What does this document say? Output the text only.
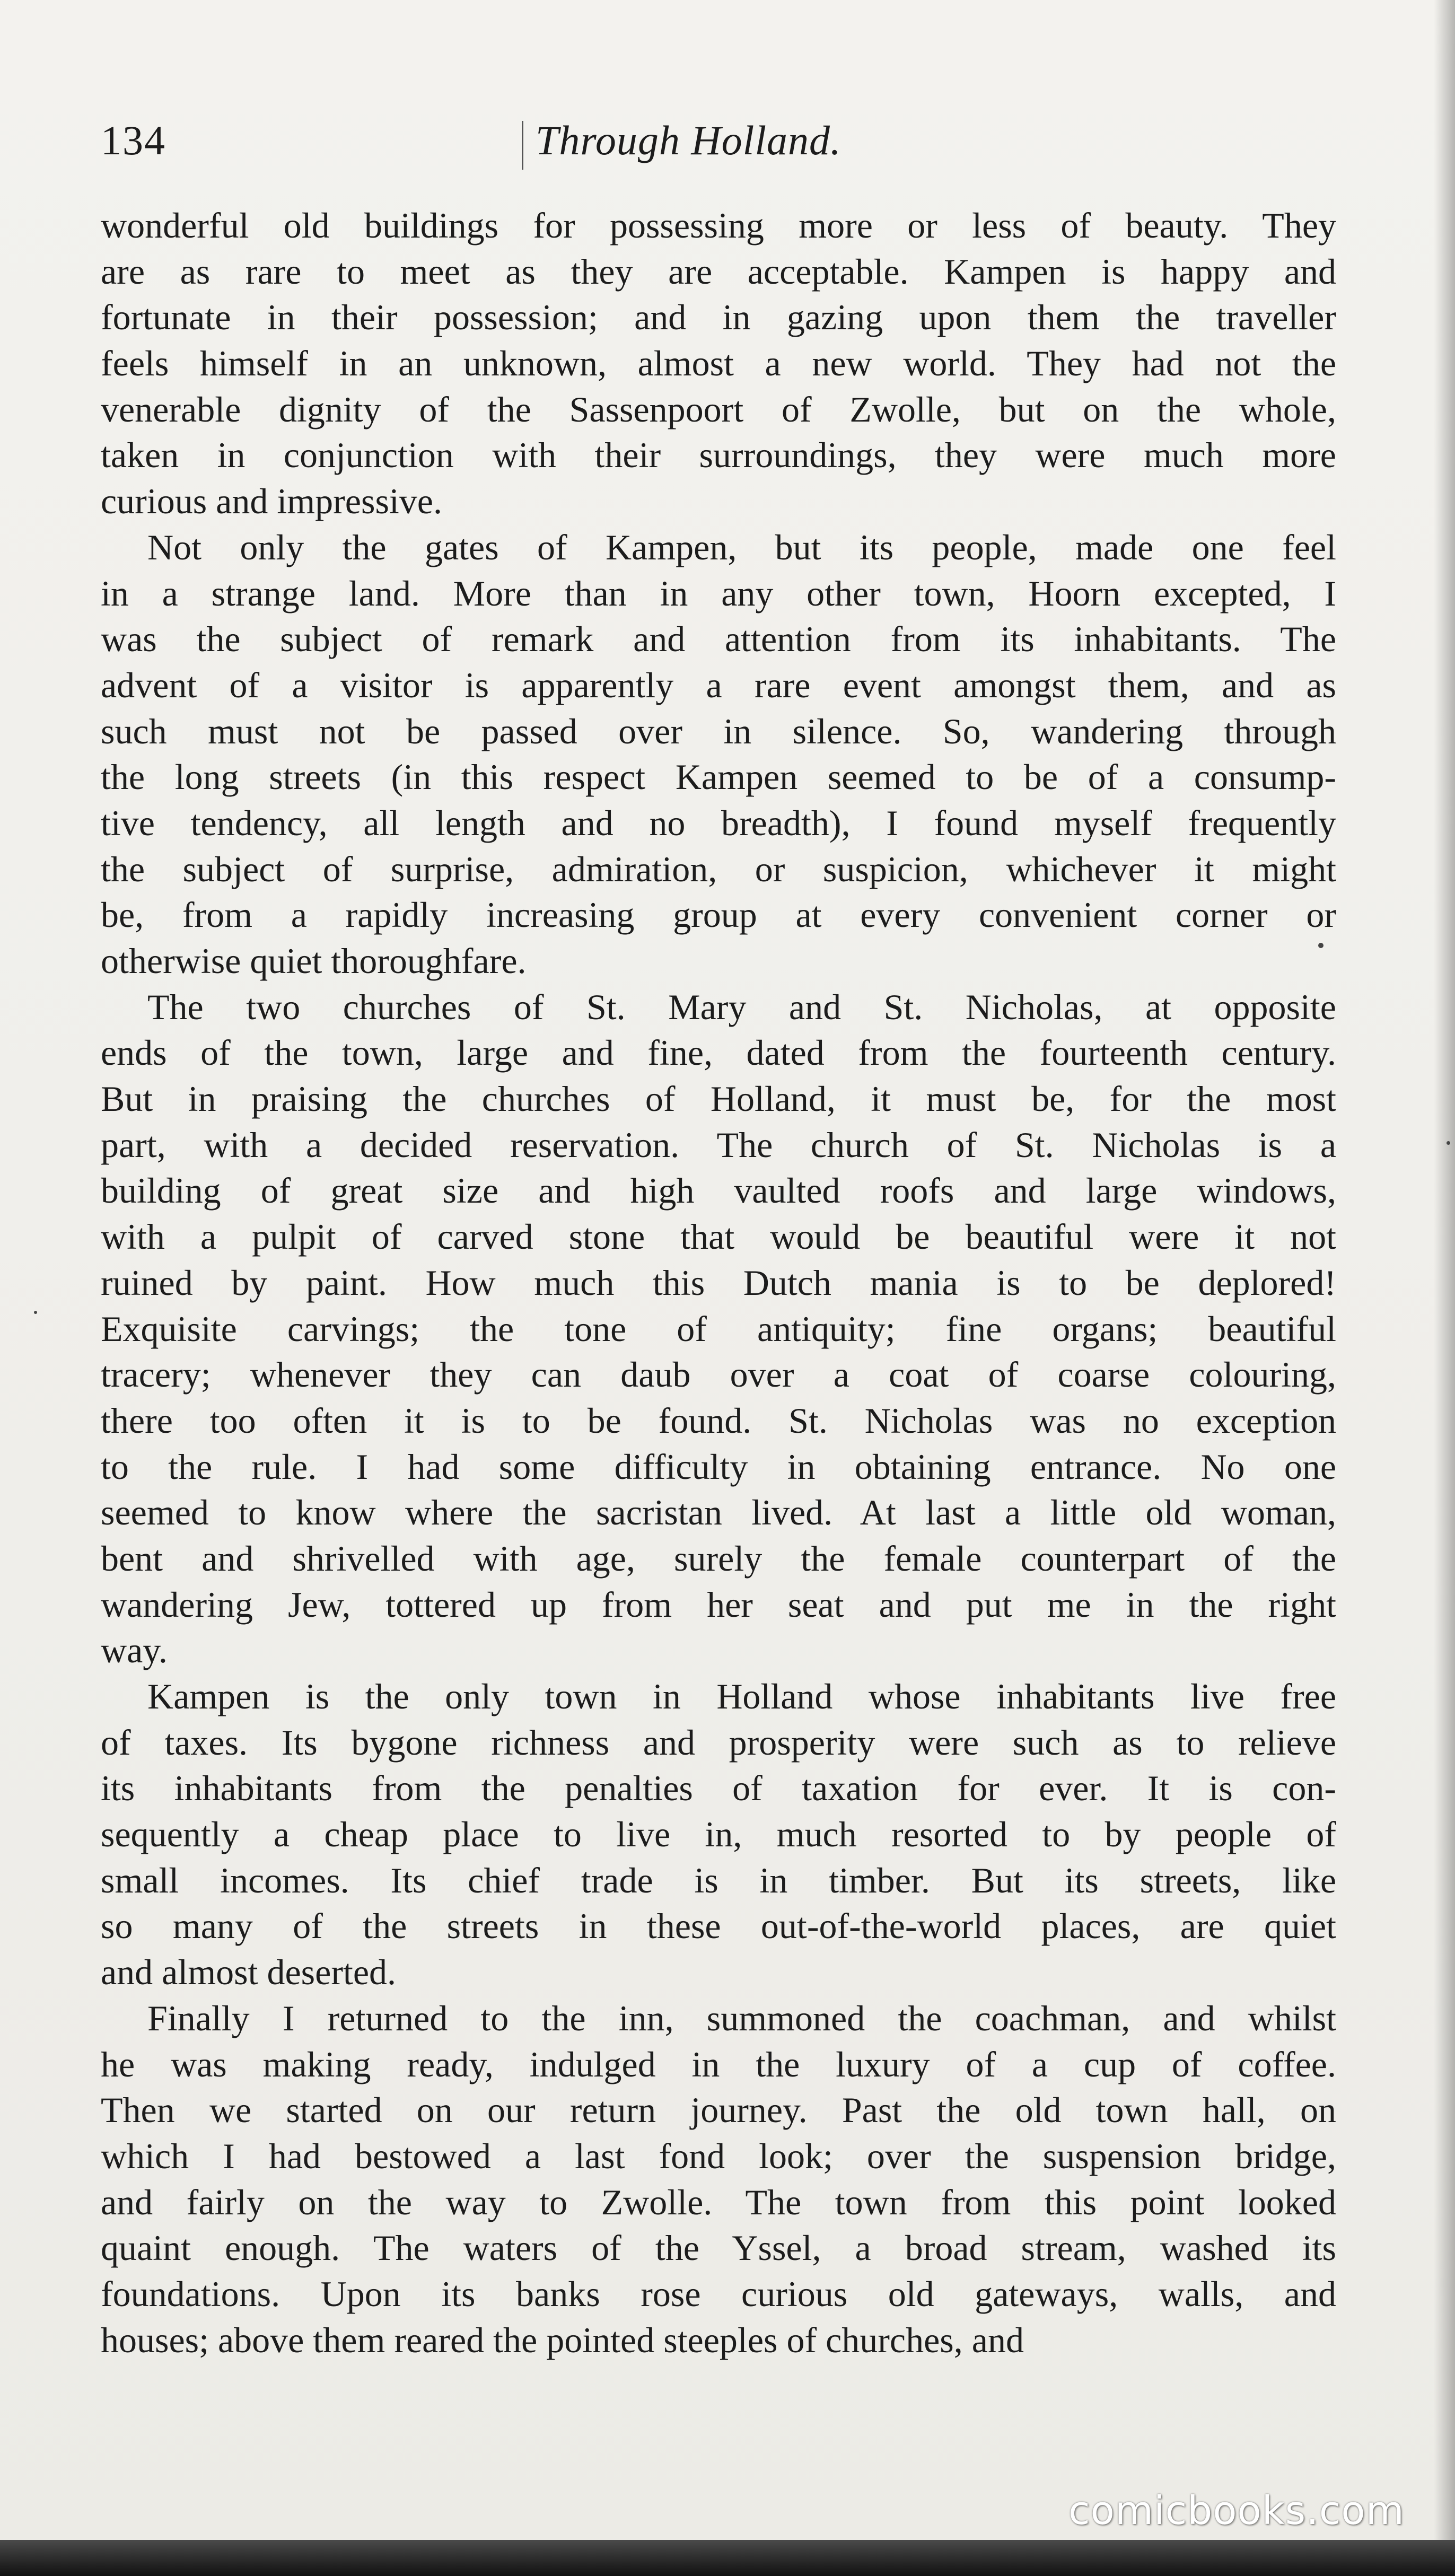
134	Through Holland.
wonderful old buildings for possessing more or less of beauty. They
are as rare to meet as they are acceptable. Kampen is happy and
fortunate in their possession; and in gazing upon them the traveller
feels himself in an unknown, almost a new world. They had not the
venerable dignity of the Sassenpoort of Zwolle, but on the whole,
taken in conjunction with their surroundings, they were much more
curious and impressive.
Not only the gates of Kampen, but its people, made one feel
in a strange land. More than in any other town, Hoorn excepted, I
was the subject of remark and attention from its inhabitants. The
advent of a visitor is apparently a rare event amongst them, and as
such must not be passed over in silence. So, wandering through
the long streets (in this respect Kampen seemed to be of a consump-
tive tendency, all length and no breadth), I found myself frequently
the subject of surprise, admiration, or suspicion, whichever it might
be, from a rapidly increasing group at every convenient corner or
otherwise quiet thoroughfare.
The two churches of St. Mary and St. Nicholas, at opposite
ends of the town, large and fine, dated from the fourteenth century.
But in praising the churches of Holland, it must be, for the most
part, with a decided reservation. The church of St. Nicholas is a
building of great size and high vaulted roofs and large windows,
with a pulpit of carved stone that would be beautiful were it not
ruined by paint. How much this Dutch mania is to be deplored!
Exquisite carvings; the tone of antiquity; fine organs; beautiful
tracery; whenever they can daub over a coat of coarse colouring,
there too often it is to be found. St. Nicholas was no exception
to the rule. I had some difficulty in obtaining entrance. No one
seemed to know where the sacristan lived. At last a little old woman,
bent and shrivelled with age, surely the female counterpart of the
wandering Jew, tottered up from her seat and put me in the right
way.
Kampen is the only town in Holland whose inhabitants live free
of taxes. Its bygone richness and prosperity were such as to relieve
its inhabitants from the penalties of taxation for ever. It is con-
sequently a cheap place to live in, much resorted to by people of
small incomes. Its chief trade is in timber. But its streets, like
so many of the streets in these out-of-the-world places, are quiet
and almost deserted.
Finally I returned to the inn, summoned the coachman, and whilst
he was making ready, indulged in the luxury of a cup of coffee.
Then we started on our return journey. Past the old town hall, on
which I had bestowed a last fond look; over the suspension bridge,
and fairly on the way to Zwolle. The town from this point looked
quaint enough. The waters of the Yssel, a broad stream, washed its
foundations. Upon its banks rose curious old gateways, walls, and
houses; above them reared the pointed steeples of churches, and
comicbooks.com
